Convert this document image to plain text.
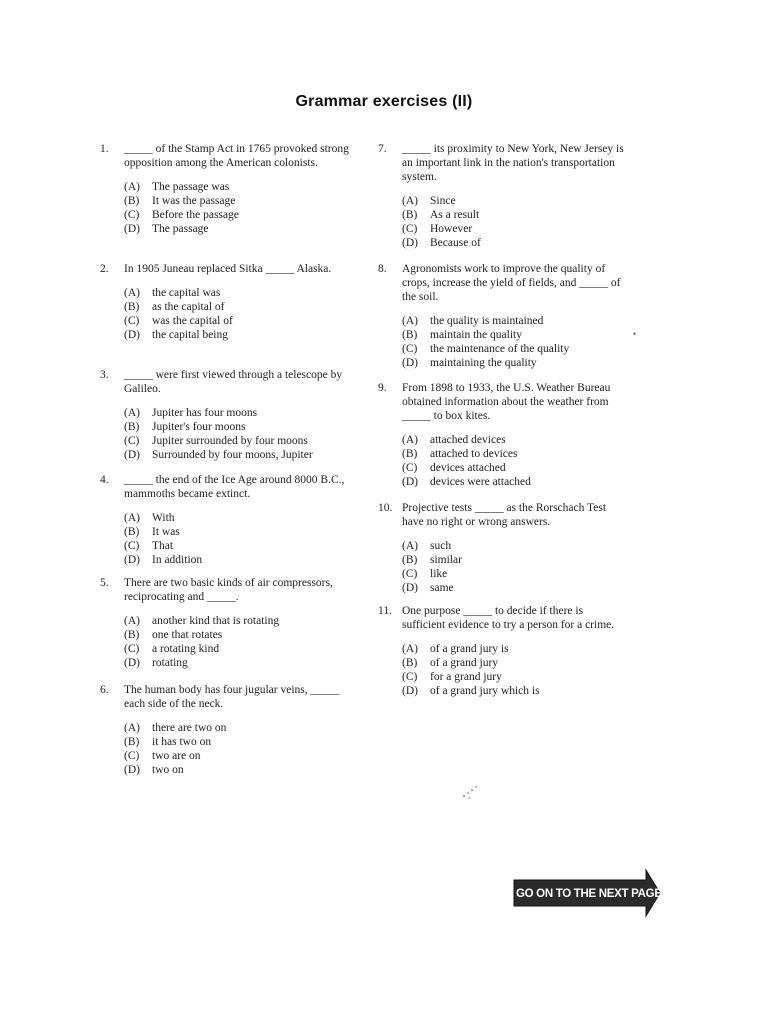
Grammar exercises (II)
1.	_____ of the Stamp Act in 1765 provoked strong opposition among the American colonists.
(A)	The passage was
(B)	It was the passage
(C)	Before the passage
(D)	The passage
2.	In 1905 Juneau replaced Sitka _____ Alaska.
(A)	the capital was
(B)	as the capital of
(C)	was the capital of
(D)	the capital being
3.	_____ were first viewed through a telescope by Galileo.
(A)	Jupiter has four moons
(B)	Jupiter's four moons
(C)	Jupiter surrounded by four moons
(D)	Surrounded by four moons, Jupiter
4.	_____ the end of the Ice Age around 8000 B.C., mammoths became extinct.
(A)	With
(B)	It was
(C)	That
(D)	In addition
5.	There are two basic kinds of air compressors, reciprocating and _____.
(A)	another kind that is rotating
(B)	one that rotates
(C)	a rotating kind
(D)	rotating
6.	The human body has four jugular veins, _____ each side of the neck.
(A)	there are two on
(B)	it has two on
(C)	two are on
(D)	two on
7.	_____ its proximity to New York, New Jersey is an important link in the nation's transportation system.
(A)	Since
(B)	As a result
(C)	However
(D)	Because of
8.	Agronomists work to improve the quality of crops, increase the yield of fields, and _____ of the soil.
(A)	the quality is maintained
(B)	maintain the quality
(C)	the maintenance of the quality
(D)	maintaining the quality
9.	From 1898 to 1933, the U.S. Weather Bureau obtained information about the weather from _____ to box kites.
(A)	attached devices
(B)	attached to devices
(C)	devices attached
(D)	devices were attached
10. Projective tests _____ as the Rorschach Test have no right or wrong answers.
(A)	such
(B)	similar
(C)	like
(D)	same
11. One purpose _____ to decide if there is sufficient evidence to try a person for a crime.
(A)	of a grand jury is
(B)	of a grand jury
(C)	for a grand jury
(D)	of a grand jury which is
•
GO ON TO THE NEXT PAGE
